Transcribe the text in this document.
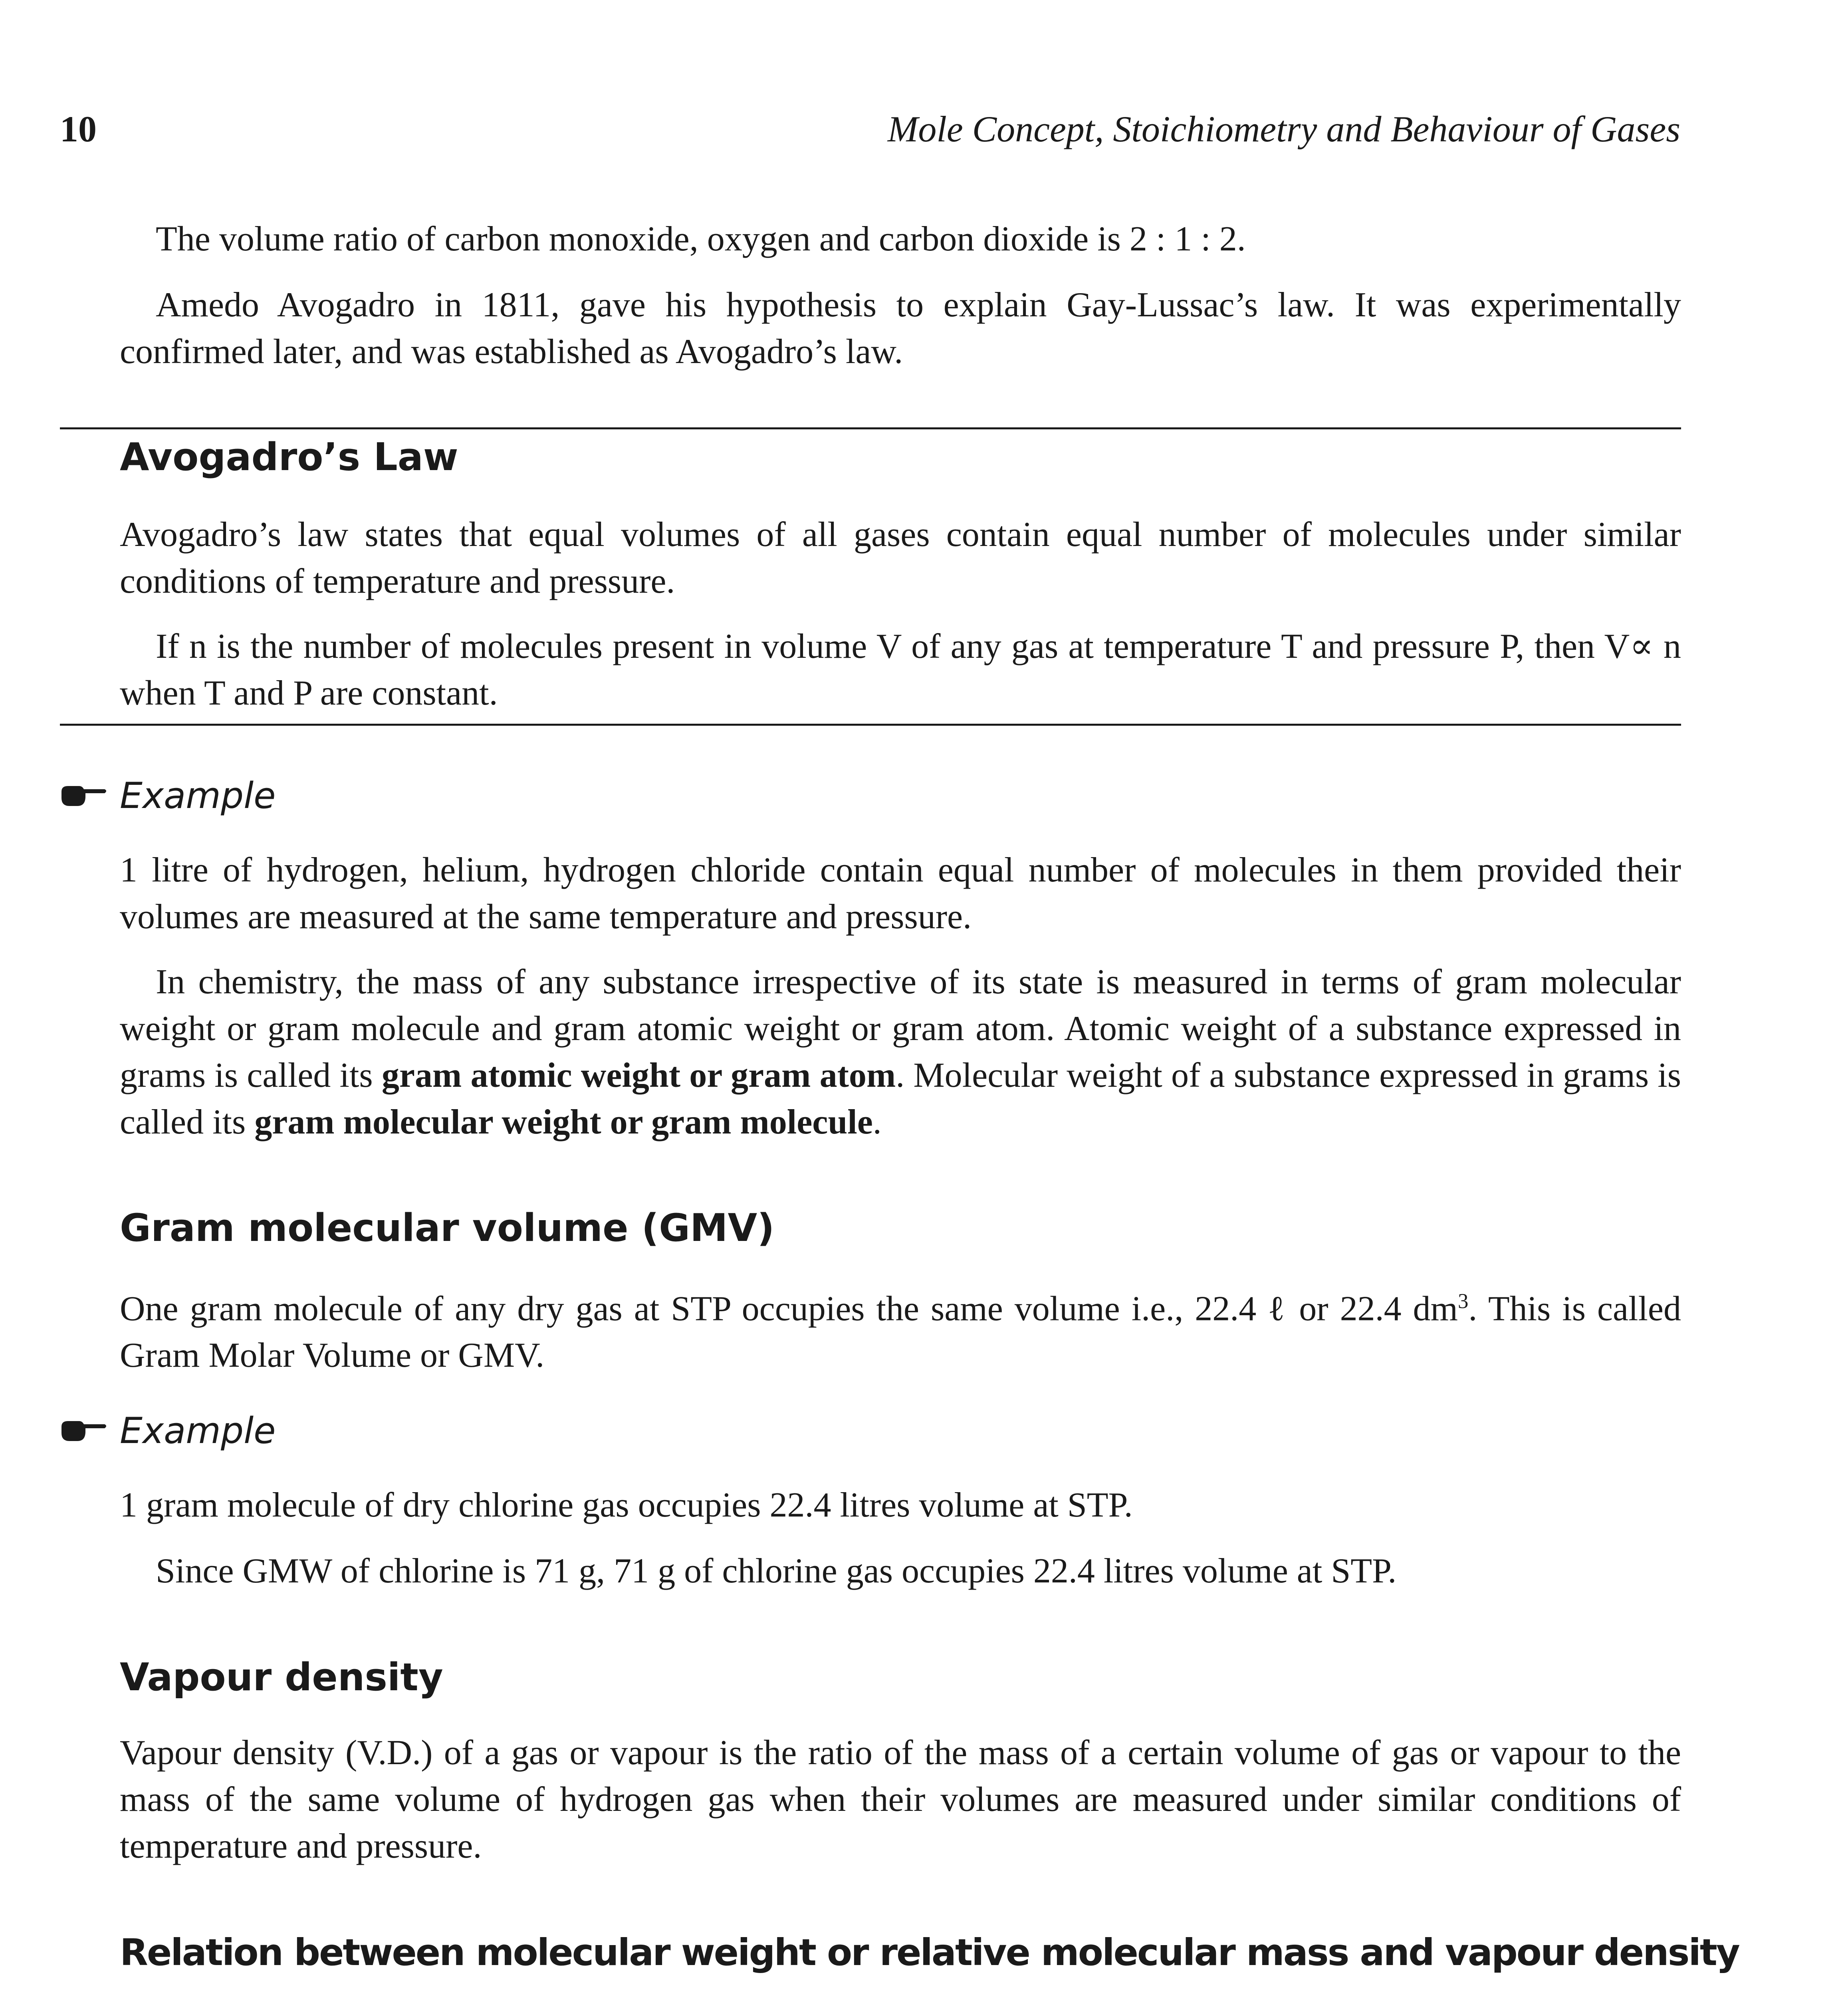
10	Mole Concept, Stoichiometry and Behaviour of Gases

The volume ratio of carbon monoxide, oxygen and carbon dioxide is 2 : 1 : 2.

Amedo Avogadro in 1811, gave his hypothesis to explain Gay-Lussac’s law. It was experimentally confirmed later, and was established as Avogadro’s law.

Avogadro’s Law

Avogadro’s law states that equal volumes of all gases contain equal number of molecules under similar conditions of temperature and pressure.

If n is the number of molecules present in volume V of any gas at temperature T and pressure P, then V∝ n when T and P are constant.

Example

1 litre of hydrogen, helium, hydrogen chloride contain equal number of molecules in them provided their volumes are measured at the same temperature and pressure.

In chemistry, the mass of any substance irrespective of its state is measured in terms of gram molecular weight or gram molecule and gram atomic weight or gram atom. Atomic weight of a substance expressed in grams is called its gram atomic weight or gram atom. Molecular weight of a substance expressed in grams is called its gram molecular weight or gram molecule.

Gram molecular volume (GMV)

One gram molecule of any dry gas at STP occupies the same volume i.e., 22.4 ℓ or 22.4 $dm^3$. This is called Gram Molar Volume or GMV.

Example

1 gram molecule of dry chlorine gas occupies 22.4 litres volume at STP.

Since GMW of chlorine is 71 g, 71 g of chlorine gas occupies 22.4 litres volume at STP.

Vapour density

Vapour density (V.D.) of a gas or vapour is the ratio of the mass of a certain volume of gas or vapour to the mass of the same volume of hydrogen gas when their volumes are measured under similar conditions of temperature and pressure.

Relation between molecular weight or relative molecular mass and vapour density
